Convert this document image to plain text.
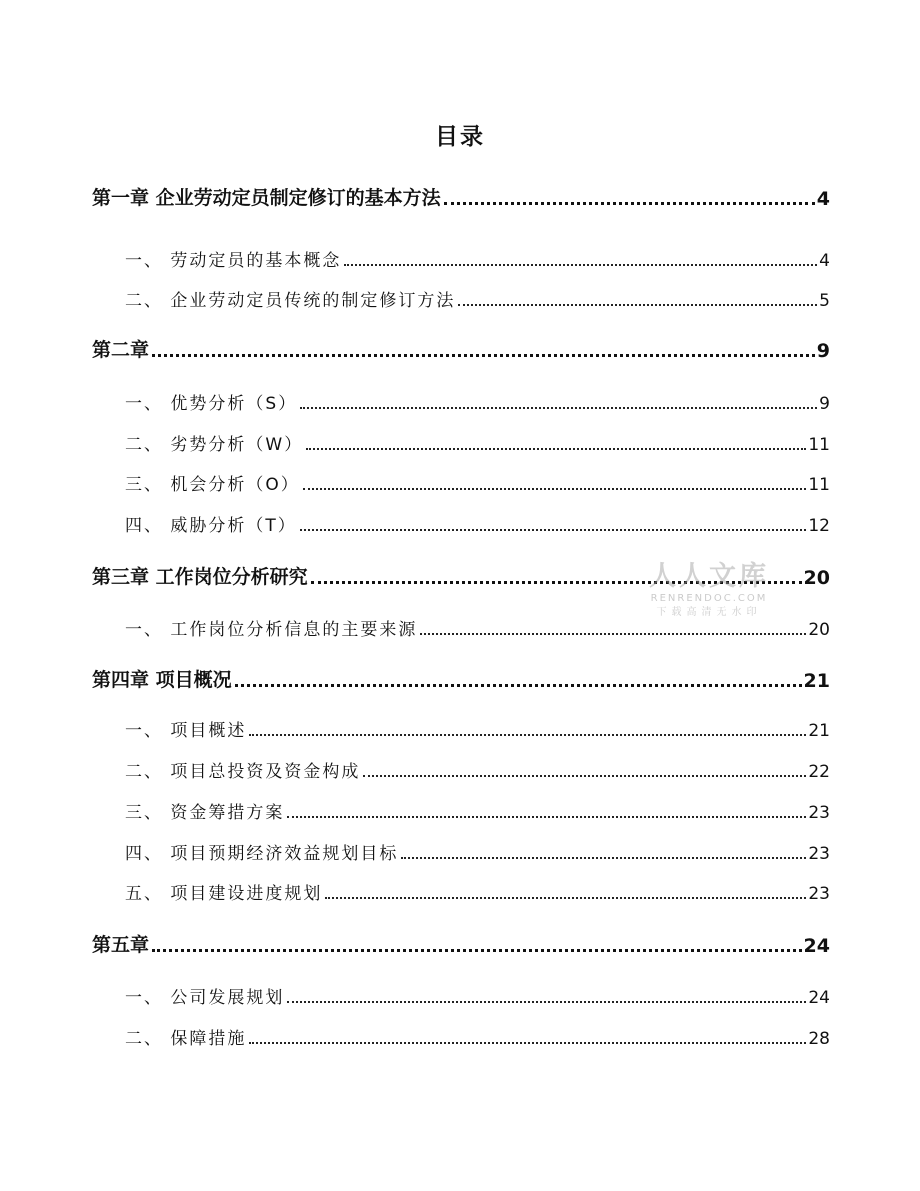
目录
第一章 企业劳动定员制定修订的基本方法	4
一、 劳动定员的基本概念	4
二、 企业劳动定员传统的制定修订方法	5
第二章	9
一、 优势分析（S）	9
二、 劣势分析（W）	11
三、 机会分析（O）	11
四、 威胁分析（T）	12
第三章 工作岗位分析研究	20
一、 工作岗位分析信息的主要来源	20
第四章 项目概况	21
一、 项目概述	21
二、 项目总投资及资金构成	22
三、 资金筹措方案	23
四、 项目预期经济效益规划目标	23
五、 项目建设进度规划	23
第五章	24
一、 公司发展规划	24
二、 保障措施	28
人人文库
RENRENDOC.COM
下载高清无水印
